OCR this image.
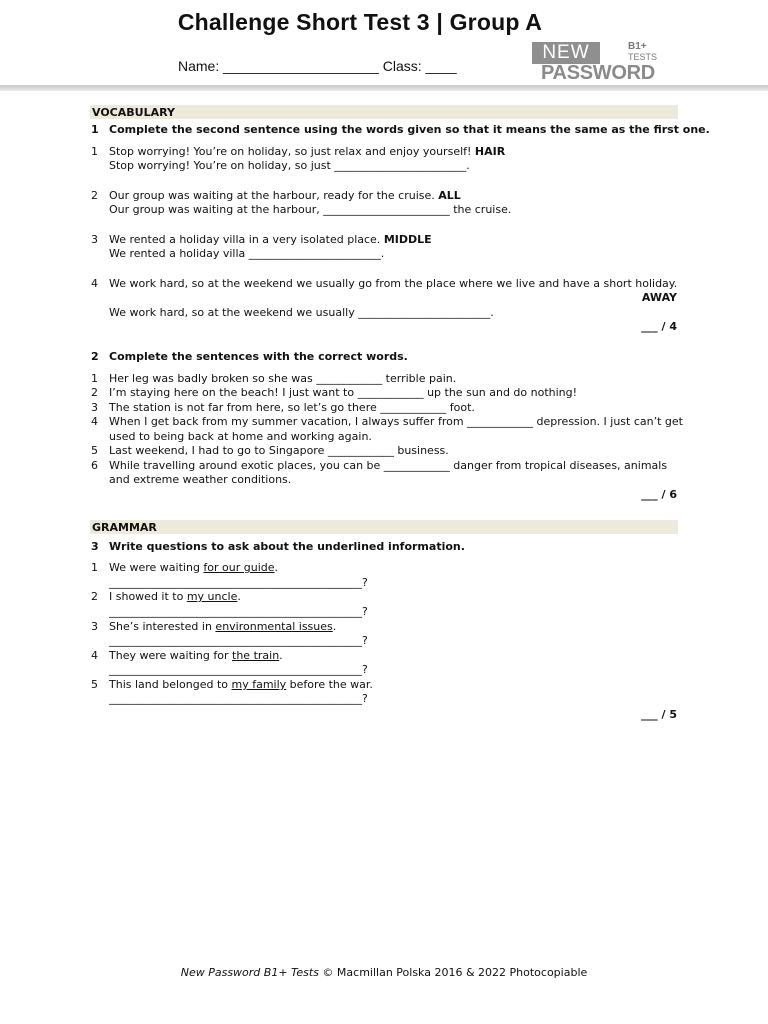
Challenge Short Test 3 | Group A
Name: ____________________ Class: ____
NEW	B1+
TESTS
PASSWORD
VOCABULARY
1 Complete the second sentence using the words given so that it means the same as the first one.
1 Stop worrying! You’re on holiday, so just relax and enjoy yourself! HAIR
Stop worrying! You’re on holiday, so just ________________________.
2 Our group was waiting at the harbour, ready for the cruise. ALL
Our group was waiting at the harbour, _______________________ the cruise.
3 We rented a holiday villa in a very isolated place. MIDDLE
We rented a holiday villa ________________________.
4 We work hard, so at the weekend we usually go from the place where we live and have a short holiday.
AWAY
We work hard, so at the weekend we usually ________________________.
___ / 4
2 Complete the sentences with the correct words.
1 Her leg was badly broken so she was ____________ terrible pain.
2 I’m staying here on the beach! I just want to ____________ up the sun and do nothing!
3 The station is not far from here, so let’s go there ____________ foot.
4 When I get back from my summer vacation, I always suffer from ____________ depression. I just can’t get
used to being back at home and working again.
5 Last weekend, I had to go to Singapore ____________ business.
6 While travelling around exotic places, you can be ____________ danger from tropical diseases, animals
and extreme weather conditions.
___ / 6
GRAMMAR
3 Write questions to ask about the underlined information.
1 We were waiting for our guide.
______________________________________________?
2 I showed it to my uncle.
______________________________________________?
3 She’s interested in environmental issues.
______________________________________________?
4 They were waiting for the train.
______________________________________________?
5 This land belonged to my family before the war.
______________________________________________?
___ / 5
New Password B1+ Tests © Macmillan Polska 2016 & 2022 Photocopiable
